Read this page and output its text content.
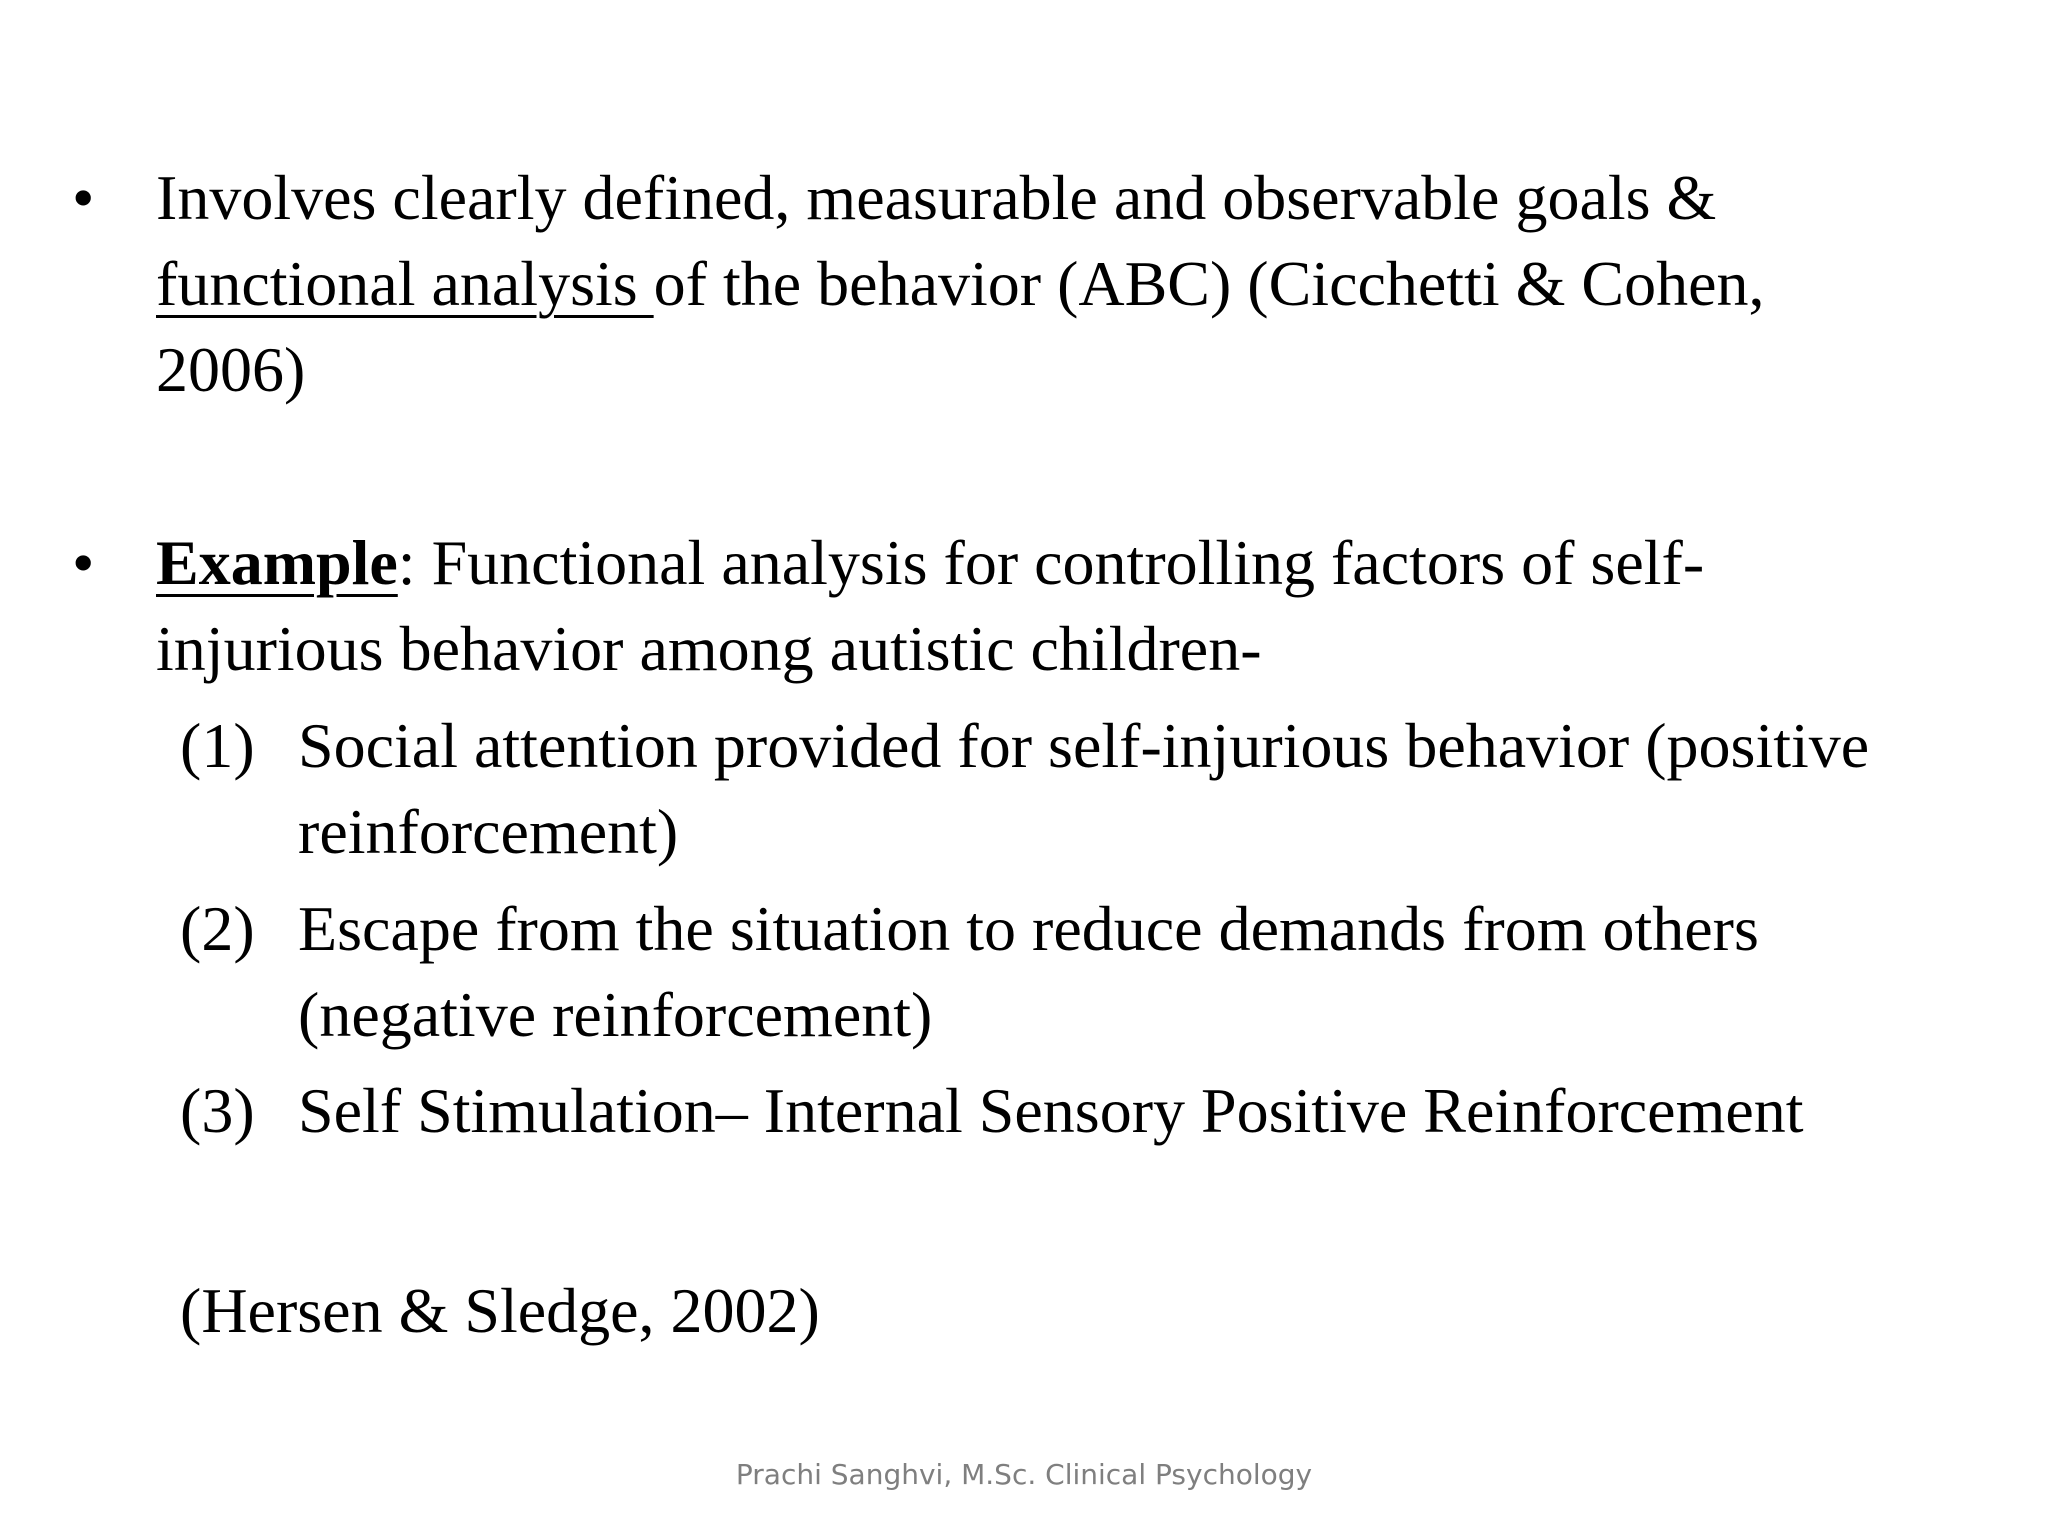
• Involves clearly defined, measurable and observable goals &
functional analysis of the behavior (ABC) (Cicchetti & Cohen,
2006)
• Example: Functional analysis for controlling factors of self-
injurious behavior among autistic children-
(1) Social attention provided for self-injurious behavior (positive
reinforcement)
(2) Escape from the situation to reduce demands from others
(negative reinforcement)
(3) Self Stimulation– Internal Sensory Positive Reinforcement
(Hersen & Sledge, 2002)
Prachi Sanghvi, M.Sc. Clinical Psychology
